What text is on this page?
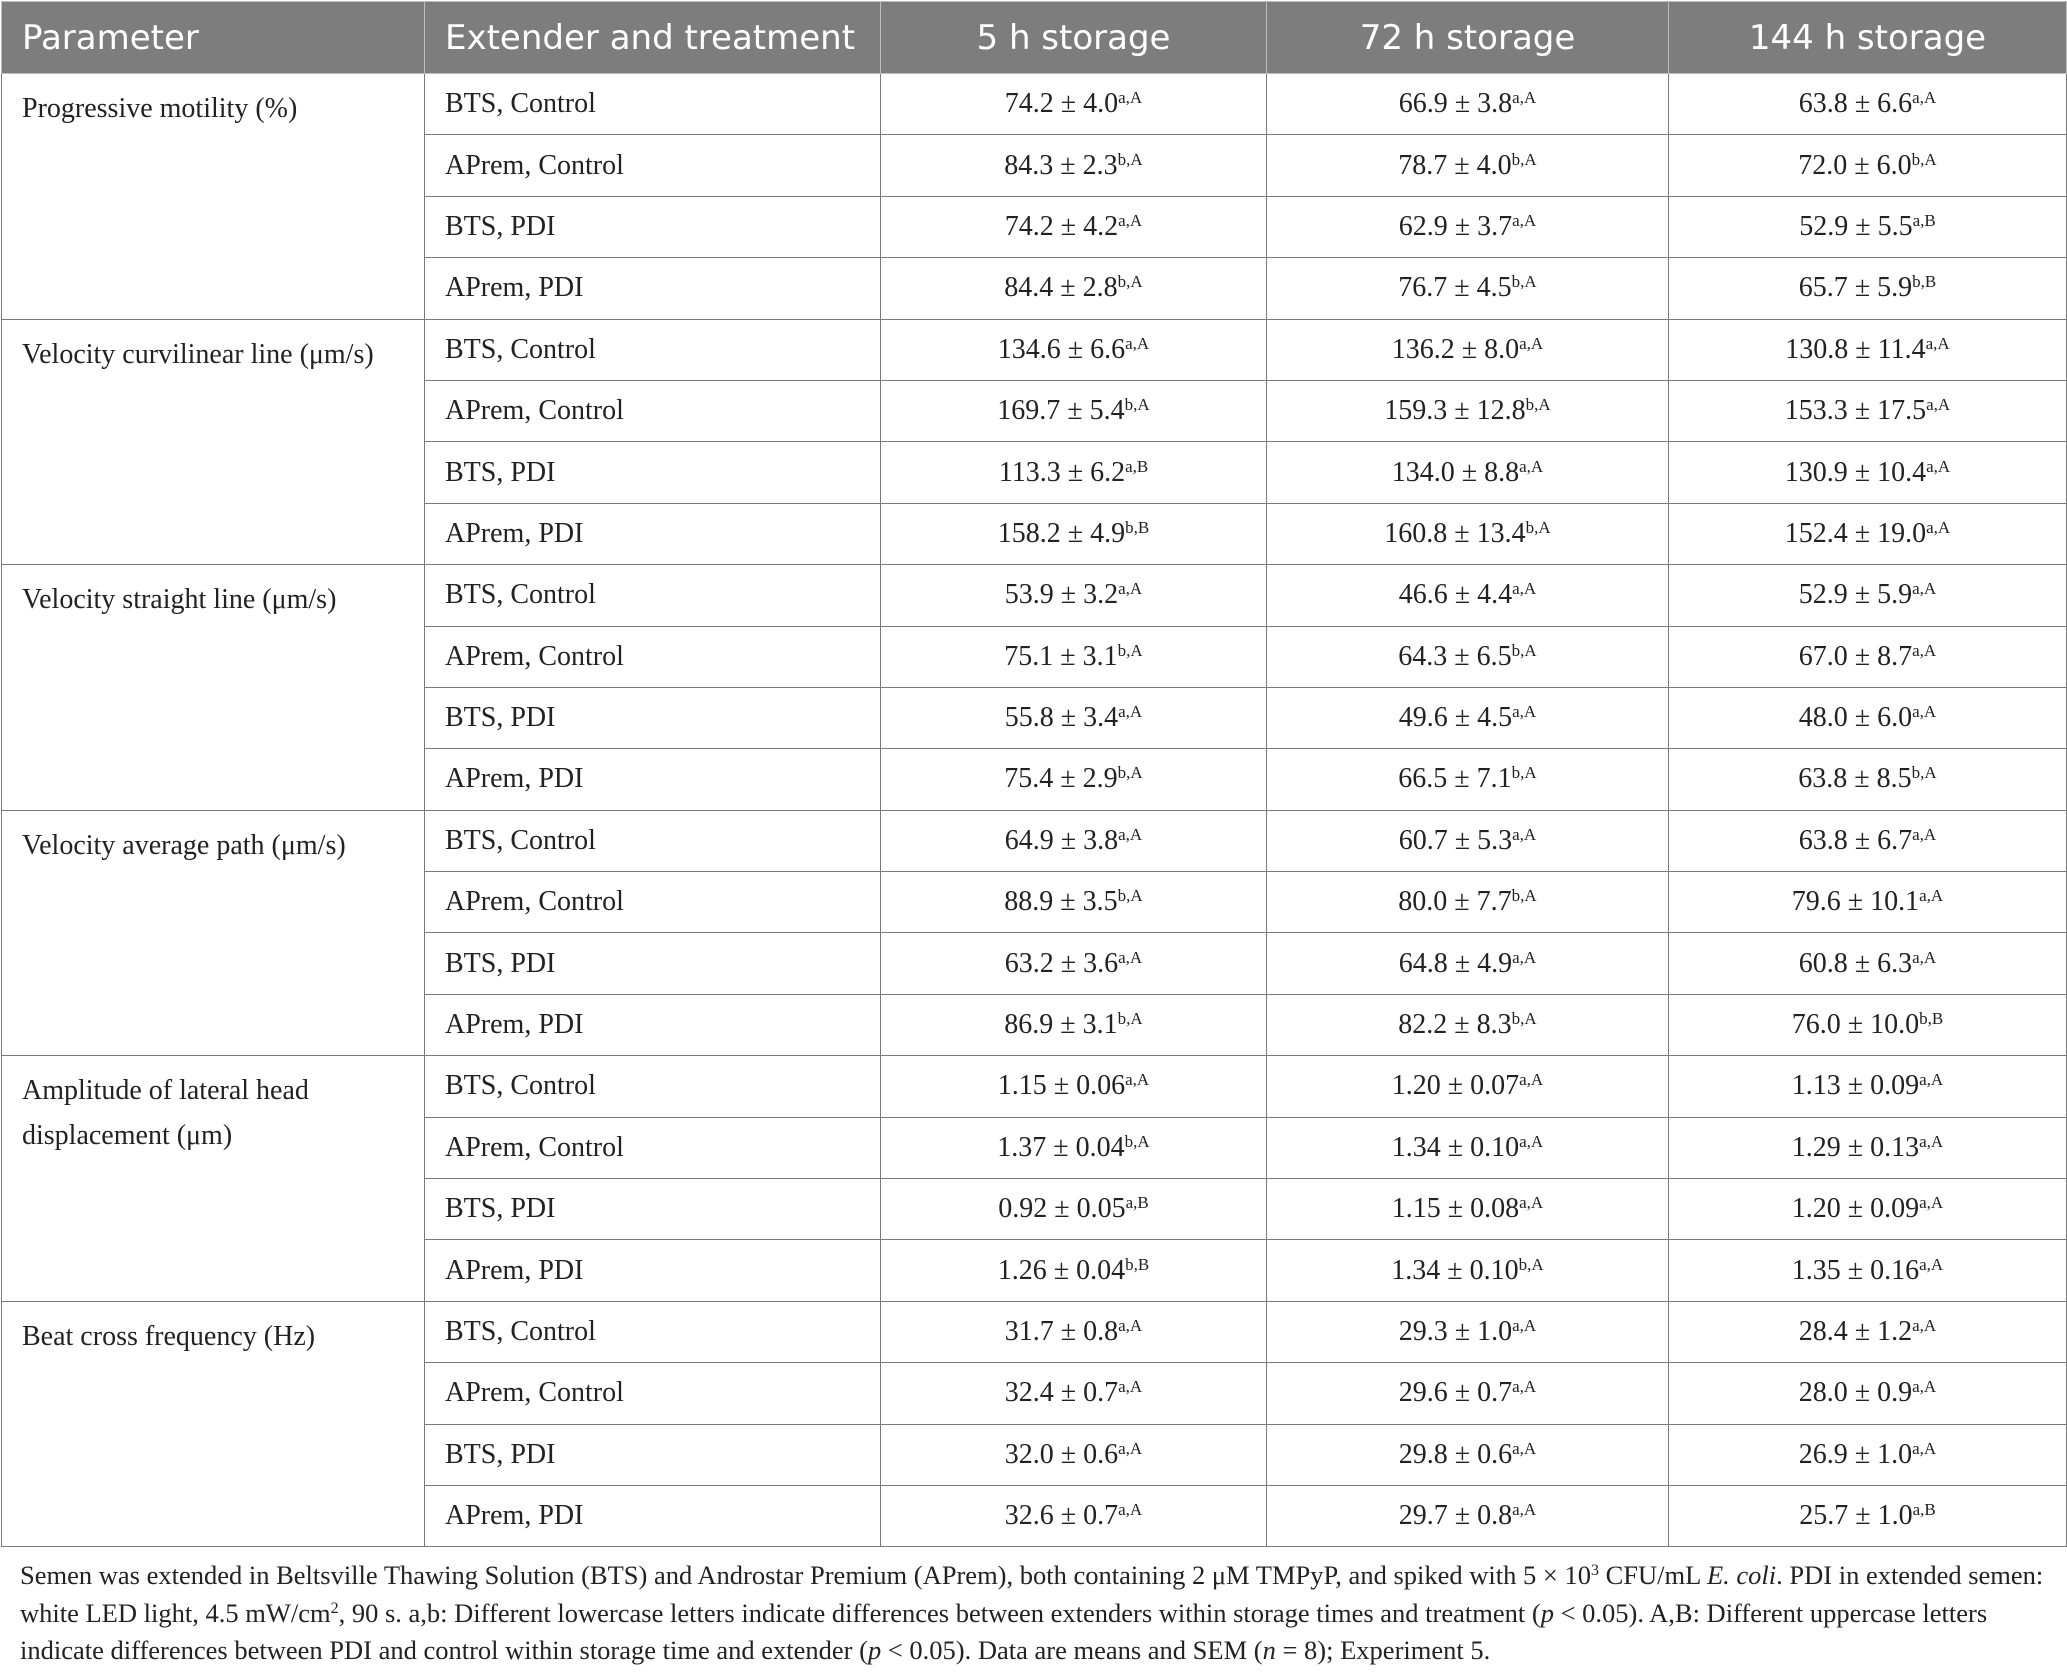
Parameter	Extender and treatment	5 h storage	72 h storage	144 h storage

Progressive motility (%)	BTS, Control	$74.2 \pm 4.0^{a,A}$	$66.9 \pm 3.8^{a,A}$	$63.8 \pm 6.6^{a,A}$
	APrem, Control	$84.3 \pm 2.3^{b,A}$	$78.7 \pm 4.0^{b,A}$	$72.0 \pm 6.0^{b,A}$
	BTS, PDI	$74.2 \pm 4.2^{a,A}$	$62.9 \pm 3.7^{a,A}$	$52.9 \pm 5.5^{a,B}$
	APrem, PDI	$84.4 \pm 2.8^{b,A}$	$76.7 \pm 4.5^{b,A}$	$65.7 \pm 5.9^{b,B}$

Velocity curvilinear line (μm/s)	BTS, Control	$134.6 \pm 6.6^{a,A}$	$136.2 \pm 8.0^{a,A}$	$130.8 \pm 11.4^{a,A}$
	APrem, Control	$169.7 \pm 5.4^{b,A}$	$159.3 \pm 12.8^{b,A}$	$153.3 \pm 17.5^{a,A}$
	BTS, PDI	$113.3 \pm 6.2^{a,B}$	$134.0 \pm 8.8^{a,A}$	$130.9 \pm 10.4^{a,A}$
	APrem, PDI	$158.2 \pm 4.9^{b,B}$	$160.8 \pm 13.4^{b,A}$	$152.4 \pm 19.0^{a,A}$

Velocity straight line (μm/s)	BTS, Control	$53.9 \pm 3.2^{a,A}$	$46.6 \pm 4.4^{a,A}$	$52.9 \pm 5.9^{a,A}$
	APrem, Control	$75.1 \pm 3.1^{b,A}$	$64.3 \pm 6.5^{b,A}$	$67.0 \pm 8.7^{a,A}$
	BTS, PDI	$55.8 \pm 3.4^{a,A}$	$49.6 \pm 4.5^{a,A}$	$48.0 \pm 6.0^{a,A}$
	APrem, PDI	$75.4 \pm 2.9^{b,A}$	$66.5 \pm 7.1^{b,A}$	$63.8 \pm 8.5^{b,A}$

Velocity average path (μm/s)	BTS, Control	$64.9 \pm 3.8^{a,A}$	$60.7 \pm 5.3^{a,A}$	$63.8 \pm 6.7^{a,A}$
	APrem, Control	$88.9 \pm 3.5^{b,A}$	$80.0 \pm 7.7^{b,A}$	$79.6 \pm 10.1^{a,A}$
	BTS, PDI	$63.2 \pm 3.6^{a,A}$	$64.8 \pm 4.9^{a,A}$	$60.8 \pm 6.3^{a,A}$
	APrem, PDI	$86.9 \pm 3.1^{b,A}$	$82.2 \pm 8.3^{b,A}$	$76.0 \pm 10.0^{b,B}$

Amplitude of lateral head
displacement (μm)	BTS, Control	$1.15 \pm 0.06^{a,A}$	$1.20 \pm 0.07^{a,A}$	$1.13 \pm 0.09^{a,A}$
	APrem, Control	$1.37 \pm 0.04^{b,A}$	$1.34 \pm 0.10^{a,A}$	$1.29 \pm 0.13^{a,A}$
	BTS, PDI	$0.92 \pm 0.05^{a,B}$	$1.15 \pm 0.08^{a,A}$	$1.20 \pm 0.09^{a,A}$
	APrem, PDI	$1.26 \pm 0.04^{b,B}$	$1.34 \pm 0.10^{b,A}$	$1.35 \pm 0.16^{a,A}$

Beat cross frequency (Hz)	BTS, Control	$31.7 \pm 0.8^{a,A}$	$29.3 \pm 1.0^{a,A}$	$28.4 \pm 1.2^{a,A}$
	APrem, Control	$32.4 \pm 0.7^{a,A}$	$29.6 \pm 0.7^{a,A}$	$28.0 \pm 0.9^{a,A}$
	BTS, PDI	$32.0 \pm 0.6^{a,A}$	$29.8 \pm 0.6^{a,A}$	$26.9 \pm 1.0^{a,A}$
	APrem, PDI	$32.6 \pm 0.7^{a,A}$	$29.7 \pm 0.8^{a,A}$	$25.7 \pm 1.0^{a,B}$
Semen was extended in Beltsville Thawing Solution (BTS) and Androstar Premium (APrem), both containing 2 μM TMPyP, and spiked with $5 \times 10^3$ CFU/mL E. coli. PDI in extended semen: white LED light, 4.5 $mW/cm^2$, 90 s. a,b: Different lowercase letters indicate differences between extenders within storage times and treatment (p < 0.05). A,B: Different uppercase letters indicate differences between PDI and control within storage time and extender (p < 0.05). Data are means and SEM (n = 8); Experiment 5.
